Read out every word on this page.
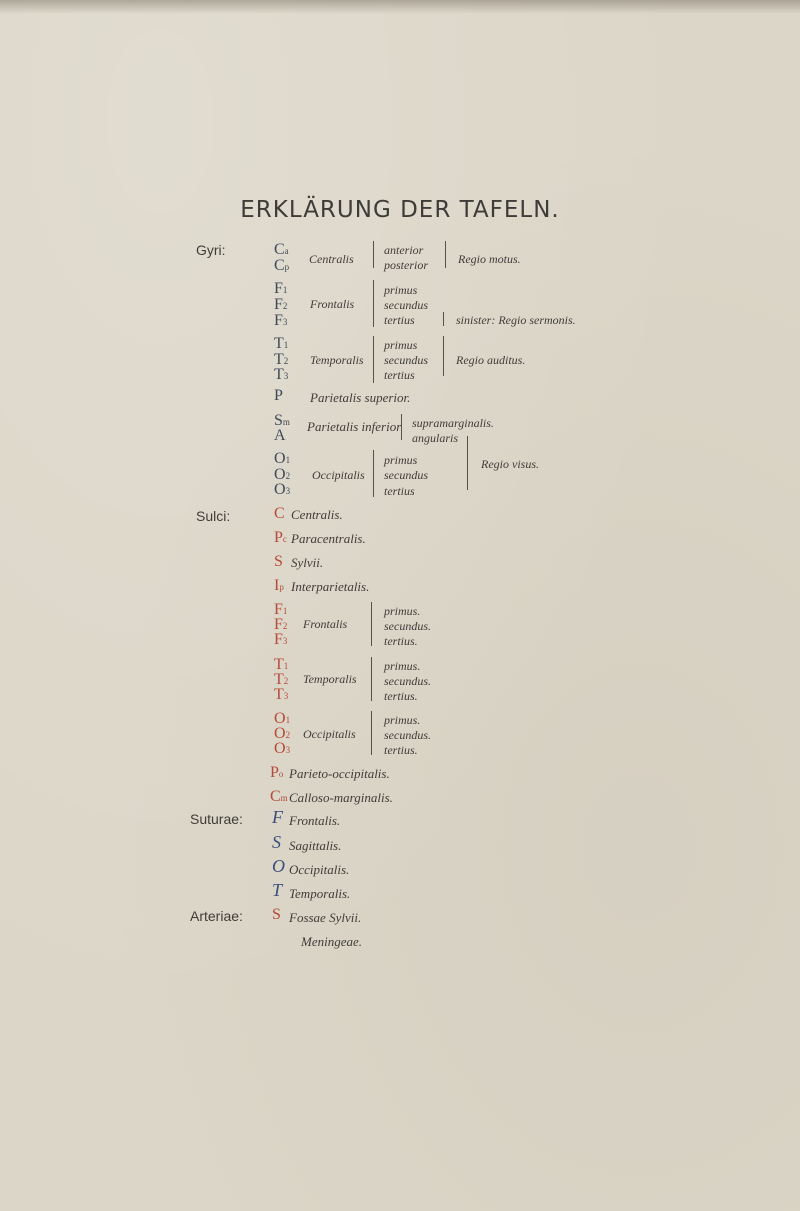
ERKLÄRUNG DER TAFELN.
Gyri:
Sulci:
Suturae:
Arteriae:
Ca
Cp
Centralis
anterior
posterior Regio motus.
F1
F2
F3
Frontalis
primus
secundus
tertius	sinister: Regio sermonis.
T1
T2
T3
Temporalis
primus
secundus
tertius
Regio auditus.
P Parietalis superior.
Sm
A
Parietalis inferior supramarginalis.
angularis
O1
O2
O3
Occipitalis
primus
secundus
tertius
Regio visus.
C Centralis.
Pc Paracentralis.
S Sylvii.
Ip Interparietalis.
F1
F2
F3
Frontalis
primus.
secundus.
tertius.
T1
T2
T3
Temporalis
primus.
secundus.
tertius.
O1
O2
O3
Occipitalis
primus.
secundus.
tertius.
Po Parieto-occipitalis.
Cm Calloso-marginalis.
F Frontalis.
S Sagittalis.
O Occipitalis.
T Temporalis.
S Fossae Sylvii.
Meningeae.
